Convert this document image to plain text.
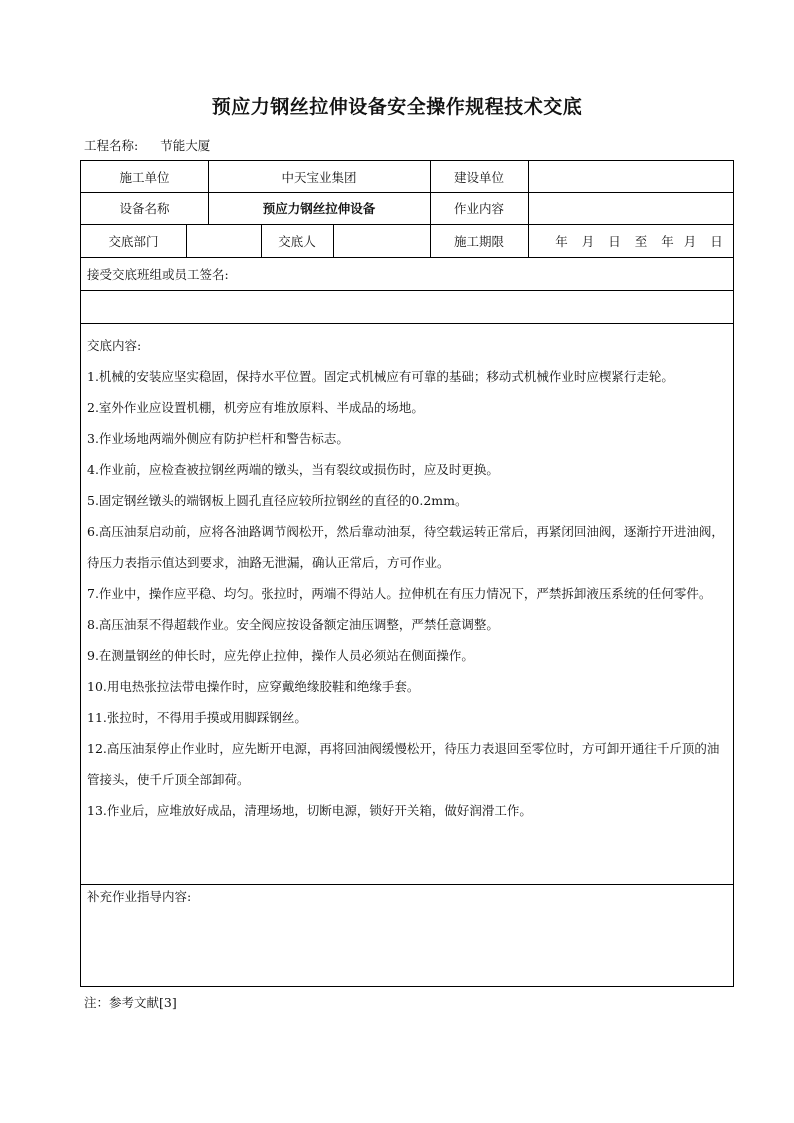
预应力钢丝拉伸设备安全操作规程技术交底
工程名称: 节能大厦
施工单位	中天宝业集团	建设单位
设备名称	预应力钢丝拉伸设备	作业内容
交底部门	交底人	施工期限	年 月 日 至 年 月 日
接受交底班组或员工签名:

交底内容:

1.机械的安装应坚实稳固，保持水平位置。固定式机械应有可靠的基础；移动式机械作业时应楔紧行走轮。

2.室外作业应设置机棚，机旁应有堆放原料、半成品的场地。

3.作业场地两端外侧应有防护栏杆和警告标志。

4.作业前，应检查被拉钢丝两端的镦头，当有裂纹或损伤时，应及时更换。

5.固定钢丝镦头的端钢板上圆孔直径应较所拉钢丝的直径的0.2mm。

6.高压油泵启动前，应将各油路调节阀松开，然后靠动油泵，待空载运转正常后，再紧闭回油阀，逐渐拧开进油阀，待压力表指示值达到要求，油路无泄漏，确认正常后，方可作业。

7.作业中，操作应平稳、均匀。张拉时，两端不得站人。拉伸机在有压力情况下，严禁拆卸液压系统的任何零件。

8.高压油泵不得超载作业。安全阀应按设备额定油压调整，严禁任意调整。

9.在测量钢丝的伸长时，应先停止拉伸，操作人员必须站在侧面操作。

10.用电热张拉法带电操作时，应穿戴绝缘胶鞋和绝缘手套。

11.张拉时，不得用手摸或用脚踩钢丝。

12.高压油泵停止作业时，应先断开电源，再将回油阀缓慢松开，待压力表退回至零位时，方可卸开通往千斤顶的油管接头，使千斤顶全部卸荷。

13.作业后，应堆放好成品，清理场地，切断电源，锁好开关箱，做好润滑工作。

补充作业指导内容:
注：参考文献[3]
